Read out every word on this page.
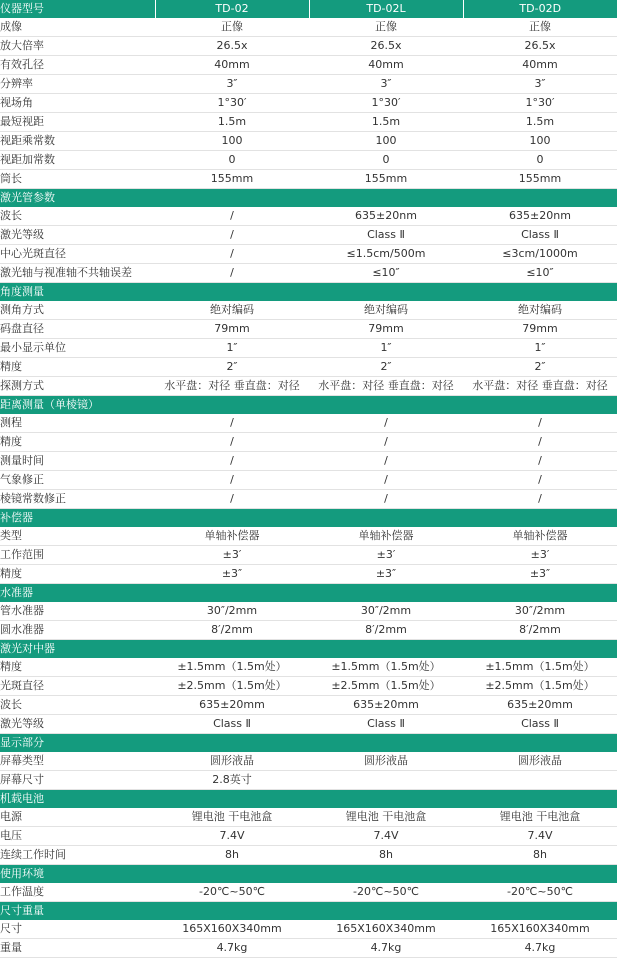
仪器型号	TD-02	TD-02L	TD-02D
成像	正像	正像	正像
放大倍率	26.5x	26.5x	26.5x
有效孔径	40mm	40mm	40mm
分辨率	3″	3″	3″
视场角	1°30′	1°30′	1°30′
最短视距	1.5m	1.5m	1.5m
视距乘常数	100	100	100
视距加常数	0	0	0
筒长	155mm	155mm	155mm
激光管参数			
波长	/	635±20nm	635±20nm
激光等级	/	Class Ⅱ	Class Ⅱ
中心光斑直径	/	≤1.5cm/500m	≤3cm/1000m
激光轴与视准轴不共轴误差	/	≤10″	≤10″
角度测量			
测角方式	绝对编码	绝对编码	绝对编码
码盘直径	79mm	79mm	79mm
最小显示单位	1″	1″	1″
精度	2″	2″	2″
探测方式	水平盘：对径 垂直盘：对径	水平盘：对径 垂直盘：对径	水平盘：对径 垂直盘：对径
距离测量（单棱镜）			
测程	/	/	/
精度	/	/	/
测量时间	/	/	/
气象修正	/	/	/
棱镜常数修正	/	/	/
补偿器			
类型	单轴补偿器	单轴补偿器	单轴补偿器
工作范围	±3′	±3′	±3′
精度	±3″	±3″	±3″
水准器			
管水准器	30″/2mm	30″/2mm	30″/2mm
圆水准器	8′/2mm	8′/2mm	8′/2mm
激光对中器			
精度	±1.5mm（1.5m处）	±1.5mm（1.5m处）	±1.5mm（1.5m处）
光斑直径	±2.5mm（1.5m处）	±2.5mm（1.5m处）	±2.5mm（1.5m处）
波长	635±20mm	635±20mm	635±20mm
激光等级	Class Ⅱ	Class Ⅱ	Class Ⅱ
显示部分			
屏幕类型	圆形液晶	圆形液晶	圆形液晶
屏幕尺寸	2.8英寸		
机载电池			
电源	锂电池 干电池盒	锂电池 干电池盒	锂电池 干电池盒
电压	7.4V	7.4V	7.4V
连续工作时间	8h	8h	8h
使用环境			
工作温度	-20℃~50℃	-20℃~50℃	-20℃~50℃
尺寸重量			
尺寸	165X160X340mm	165X160X340mm	165X160X340mm
重量	4.7kg	4.7kg	4.7kg
